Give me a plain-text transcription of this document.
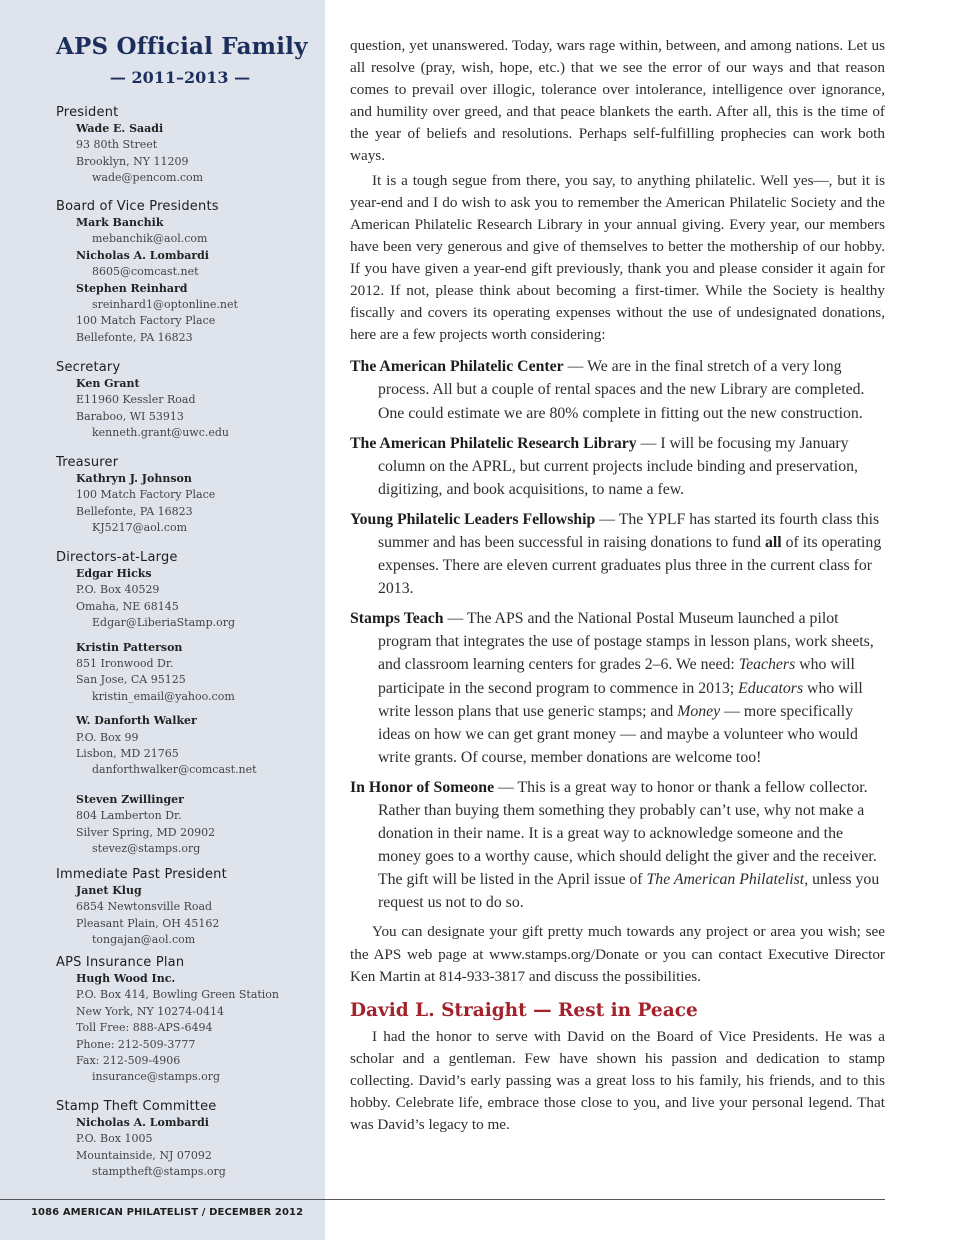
APS Official Family
— 2011–2013 —
President
Wade E. Saadi
93 80th Street
Brooklyn, NY 11209
wade@pencom.com
Board of Vice Presidents
Mark Banchik
mebanchik@aol.com
Nicholas A. Lombardi
8605@comcast.net
Stephen Reinhard
sreinhard1@optonline.net
100 Match Factory Place
Bellefonte, PA 16823
Secretary
Ken Grant
E11960 Kessler Road
Baraboo, WI 53913
kenneth.grant@uwc.edu
Treasurer
Kathryn J. Johnson
100 Match Factory Place
Bellefonte, PA 16823
KJ5217@aol.com
Directors-at-Large
Edgar Hicks
P.O. Box 40529
Omaha, NE 68145
Edgar@LiberiaStamp.org
Kristin Patterson
851 Ironwood Dr.
San Jose, CA 95125
kristin_email@yahoo.com
W. Danforth Walker
P.O. Box 99
Lisbon, MD 21765
danforthwalker@comcast.net
Steven Zwillinger
804 Lamberton Dr.
Silver Spring, MD 20902
stevez@stamps.org
Immediate Past President
Janet Klug
6854 Newtonsville Road
Pleasant Plain, OH 45162
tongajan@aol.com
APS Insurance Plan
Hugh Wood Inc.
P.O. Box 414, Bowling Green Station
New York, NY 10274-0414
Toll Free: 888-APS-6494
Phone: 212-509-3777
Fax: 212-509-4906
insurance@stamps.org
Stamp Theft Committee
Nicholas A. Lombardi
P.O. Box 1005
Mountainside, NJ 07092
stamptheft@stamps.org

question, yet unanswered. Today, wars rage within, between, and among nations. Let us all resolve (pray, wish, hope, etc.) that we see the error of our ways and that reason comes to prevail over illogic, tolerance over intolerance, intelligence over ignorance, and humility over greed, and that peace blankets the earth. After all, this is the time of the year of beliefs and resolutions. Perhaps self-fulfilling prophecies can work both ways.

It is a tough segue from there, you say, to anything philatelic. Well yes—, but it is year-end and I do wish to ask you to remember the American Philatelic Society and the American Philatelic Research Library in your annual giving. Every year, our members have been very generous and give of themselves to better the mothership of our hobby. If you have given a year-end gift previously, thank you and please consider it again for 2012. If not, please think about becoming a first-timer. While the Society is healthy fiscally and covers its operating expenses without the use of undesignated donations, here are a few projects worth considering:

The American Philatelic Center — We are in the final stretch of a very long process. All but a couple of rental spaces and the new Library are completed. One could estimate we are 80% complete in fitting out the new construction.

The American Philatelic Research Library — I will be focusing my January column on the APRL, but current projects include binding and preservation, digitizing, and book acquisitions, to name a few.

Young Philatelic Leaders Fellowship — The YPLF has started its fourth class this summer and has been successful in raising donations to fund all of its operating expenses. There are eleven current graduates plus three in the current class for 2013.

Stamps Teach — The APS and the National Postal Museum launched a pilot program that integrates the use of postage stamps in lesson plans, work sheets, and classroom learning centers for grades 2–6. We need: Teachers who will participate in the second program to commence in 2013; Educators who will write lesson plans that use generic stamps; and Money — more specifically ideas on how we can get grant money — and maybe a volunteer who would write grants. Of course, member donations are welcome too!

In Honor of Someone — This is a great way to honor or thank a fellow collector. Rather than buying them something they probably can’t use, why not make a donation in their name. It is a great way to acknowledge someone and the money goes to a worthy cause, which should delight the giver and the receiver. The gift will be listed in the April issue of The American Philatelist, unless you request us not to do so.

You can designate your gift pretty much towards any project or area you wish; see the APS web page at www.stamps.org/Donate or you can contact Executive Director Ken Martin at 814-933-3817 and discuss the possibilities.

David L. Straight — Rest in Peace

I had the honor to serve with David on the Board of Vice Presidents. He was a scholar and a gentleman. Few have shown his passion and dedication to stamp collecting. David’s early passing was a great loss to his family, his friends, and to this hobby. Celebrate life, embrace those close to you, and live your personal legend. That was David’s legacy to me.

1086 AMERICAN PHILATELIST / DECEMBER 2012
